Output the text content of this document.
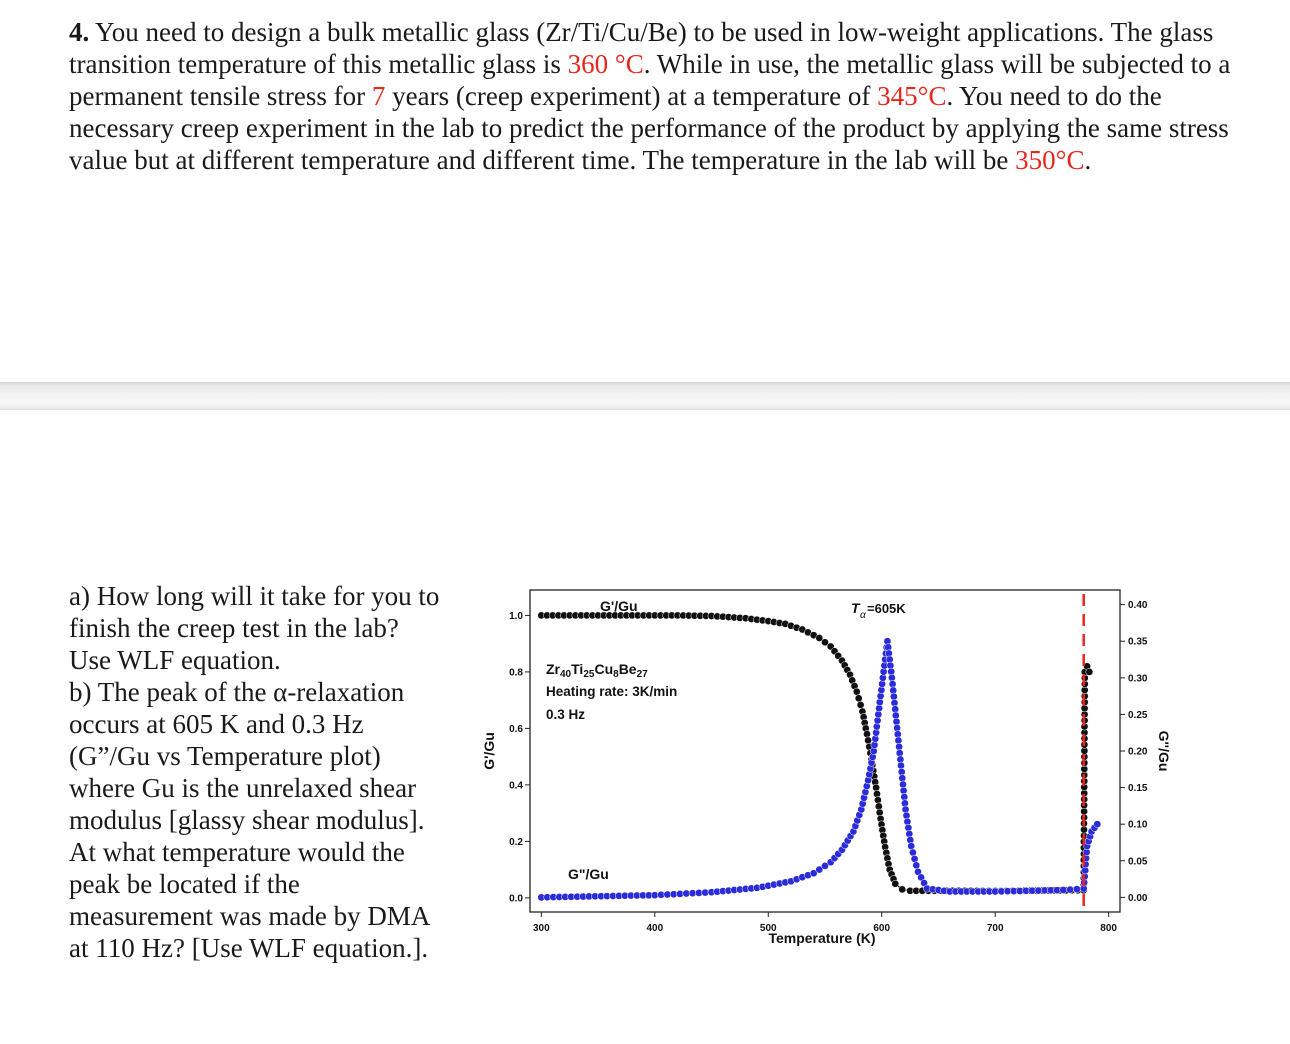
4. You need to design a bulk metallic glass (Zr/Ti/Cu/Be) to be used in low-weight applications. The glass transition temperature of this metallic glass is 360 °C. While in use, the metallic glass will be subjected to a permanent tensile stress for 7 years (creep experiment) at a temperature of 345°C. You need to do the necessary creep experiment in the lab to predict the performance of the product by applying the same stress value but at different temperature and different time. The temperature in the lab will be 350°C.
a) How long will it take for you to
finish the creep test in the lab?
Use WLF equation.
b) The peak of the α-relaxation
occurs at 605 K and 0.3 Hz
(G”/Gu vs Temperature plot)
where Gu is the unrelaxed shear
modulus [glassy shear modulus].
At what temperature would the
peak be located if the
measurement was made by DMA
at 110 Hz? [Use WLF equation.].
300	400	500	600	700	800
0.0
0.2
0.4
0.6
0.8
1.0
0.00
0.05
0.10
0.15
0.20
0.25
0.30
0.35
0.40
G'/Gu
G"/Gu
$Zr_{40}Ti_{25}Cu_8Be_{27}$
Heating rate: 3K/min
0.3 Hz
T α =605K
Temperature (K)
G'/Gu	G''/Gu
